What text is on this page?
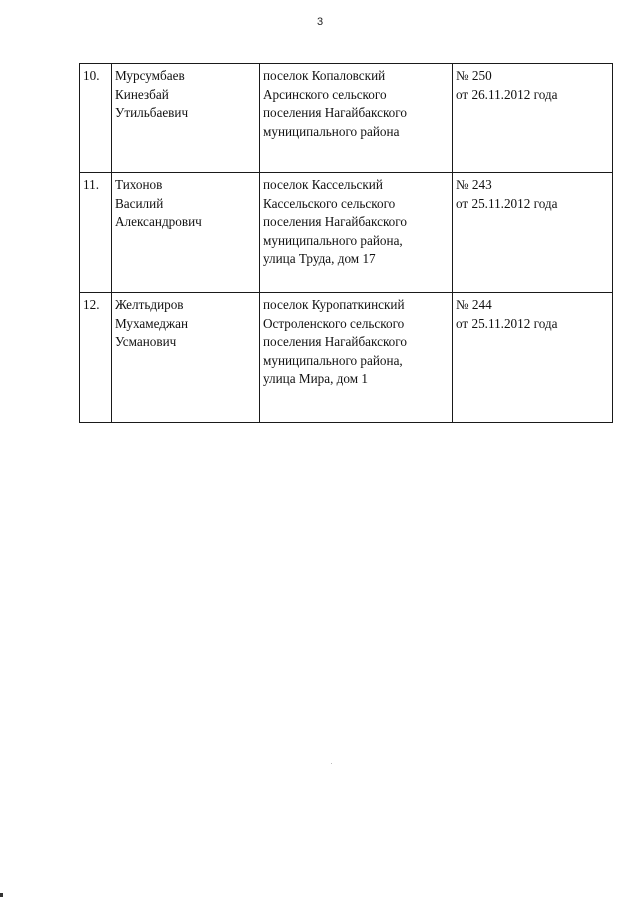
3
10.	Мурсумбаев
Кинезбай
Утильбаевич	поселок Копаловский
Арсинского сельского
поселения Нагайбакского
муниципального района	№ 250
от 26.11.2012 года
11.	Тихонов
Василий
Александрович	поселок Кассельский
Кассельского сельского
поселения Нагайбакского
муниципального района,
улица Труда, дом 17	№ 243
от 25.11.2012 года
12.	Желтьдиров
Мухамеджан
Усманович	поселок Куропаткинский
Остроленского сельского
поселения Нагайбакского
муниципального района,
улица Мира, дом 1	№ 244
от 25.11.2012 года
